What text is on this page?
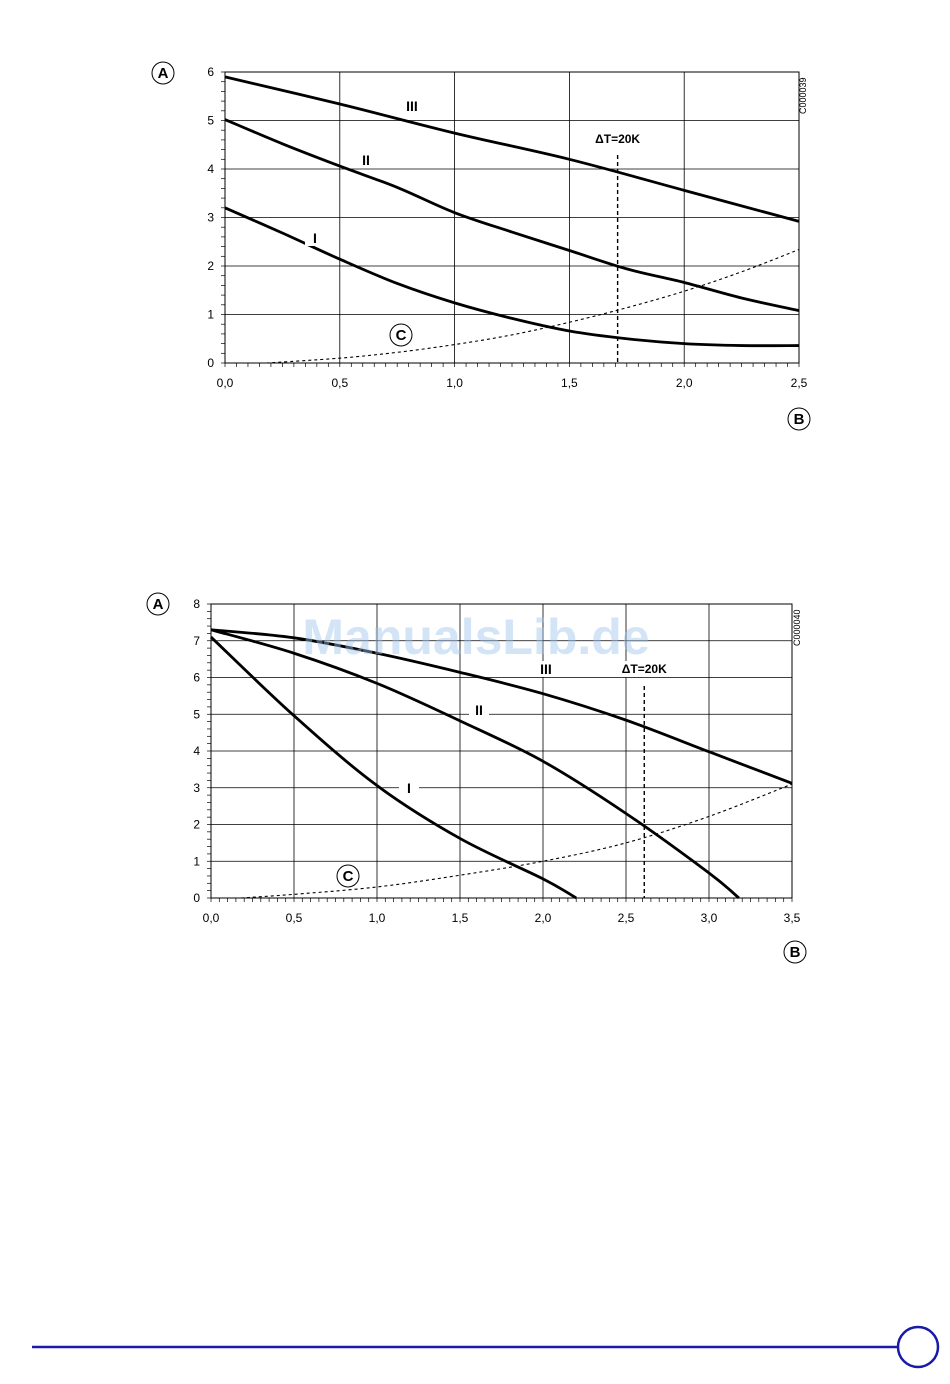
0
1
2
3
4
5
6
0,0	0,5	1,0	1,5	2,0	2,5
ΔT=20K
III
II
I
C
A
B
C000039
0
1
2
3
4
5
6
7
8
0,0	0,5	1,0	1,5	2,0	2,5	3,0	3,5
ΔT=20K
III
II
I
C
A
B
C000040
ManualsLib.de
